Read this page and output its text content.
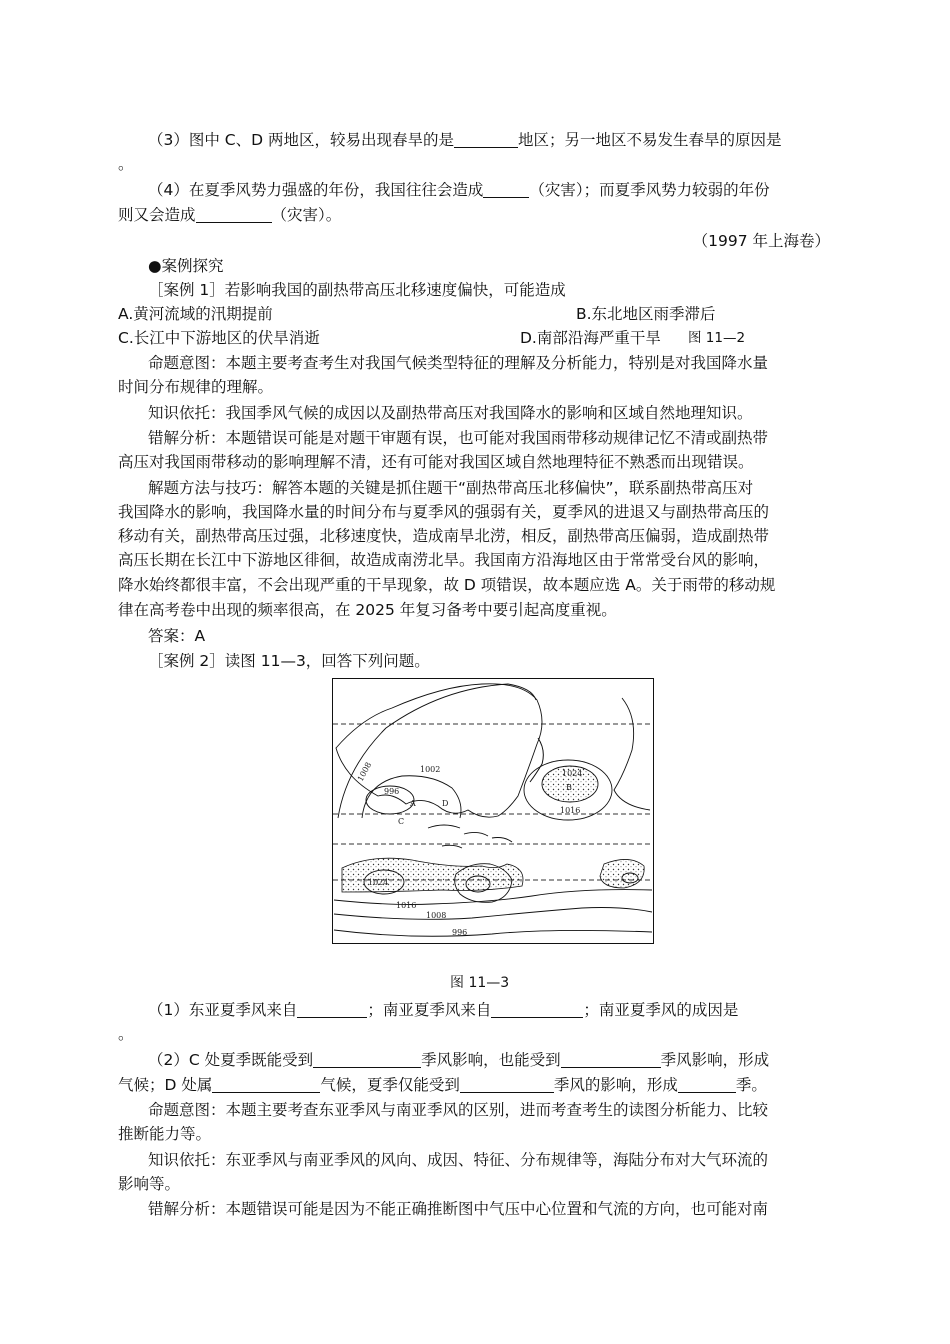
（3）图中 C、D 两地区，较易出现春旱的是	地区；另一地区不易发生春旱的原因是
。
（4）在夏季风势力强盛的年份，我国往往会造成	（灾害）；而夏季风势力较弱的年份
则又会造成	（灾害）。
（1997 年上海卷）
●案例探究
［案例 1］若影响我国的副热带高压北移速度偏快，可能造成
A.黄河流域的汛期提前	B.东北地区雨季滞后
C.长江中下游地区的伏旱消逝	D.南部沿海严重干旱 图 11—2
命题意图：本题主要考查考生对我国气候类型特征的理解及分析能力，特别是对我国降水量
时间分布规律的理解。
知识依托：我国季风气候的成因以及副热带高压对我国降水的影响和区域自然地理知识。
错解分析：本题错误可能是对题干审题有误，也可能对我国雨带移动规律记忆不清或副热带
高压对我国雨带移动的影响理解不清，还有可能对我国区域自然地理特征不熟悉而出现错误。
解题方法与技巧：解答本题的关键是抓住题干“副热带高压北移偏快”，联系副热带高压对
我国降水的影响，我国降水量的时间分布与夏季风的强弱有关，夏季风的进退又与副热带高压的
移动有关，副热带高压过强，北移速度快，造成南旱北涝，相反，副热带高压偏弱，造成副热带
高压长期在长江中下游地区徘徊，故造成南涝北旱。我国南方沿海地区由于常常受台风的影响，
降水始终都很丰富，不会出现严重的干旱现象，故 D 项错误，故本题应选 A。关于雨带的移动规
律在高考卷中出现的频率很高，在 2025 年复习备考中要引起高度重视。
答案：A
［案例 2］读图 11—3，回答下列问题。
1008	1002
996
A	D
C
1024
B
1016
1024
1016
1008
996
图 11—3
（1）东亚夏季风来自	；南亚夏季风来自	；南亚夏季风的成因是
。
（2）C 处夏季既能受到	季风影响，也能受到	季风影响，形成
气候；D 处属	气候，夏季仅能受到	季风的影响，形成	季。
命题意图：本题主要考查东亚季风与南亚季风的区别，进而考查考生的读图分析能力、比较
推断能力等。
知识依托：东亚季风与南亚季风的风向、成因、特征、分布规律等，海陆分布对大气环流的
影响等。
错解分析：本题错误可能是因为不能正确推断图中气压中心位置和气流的方向，也可能对南
